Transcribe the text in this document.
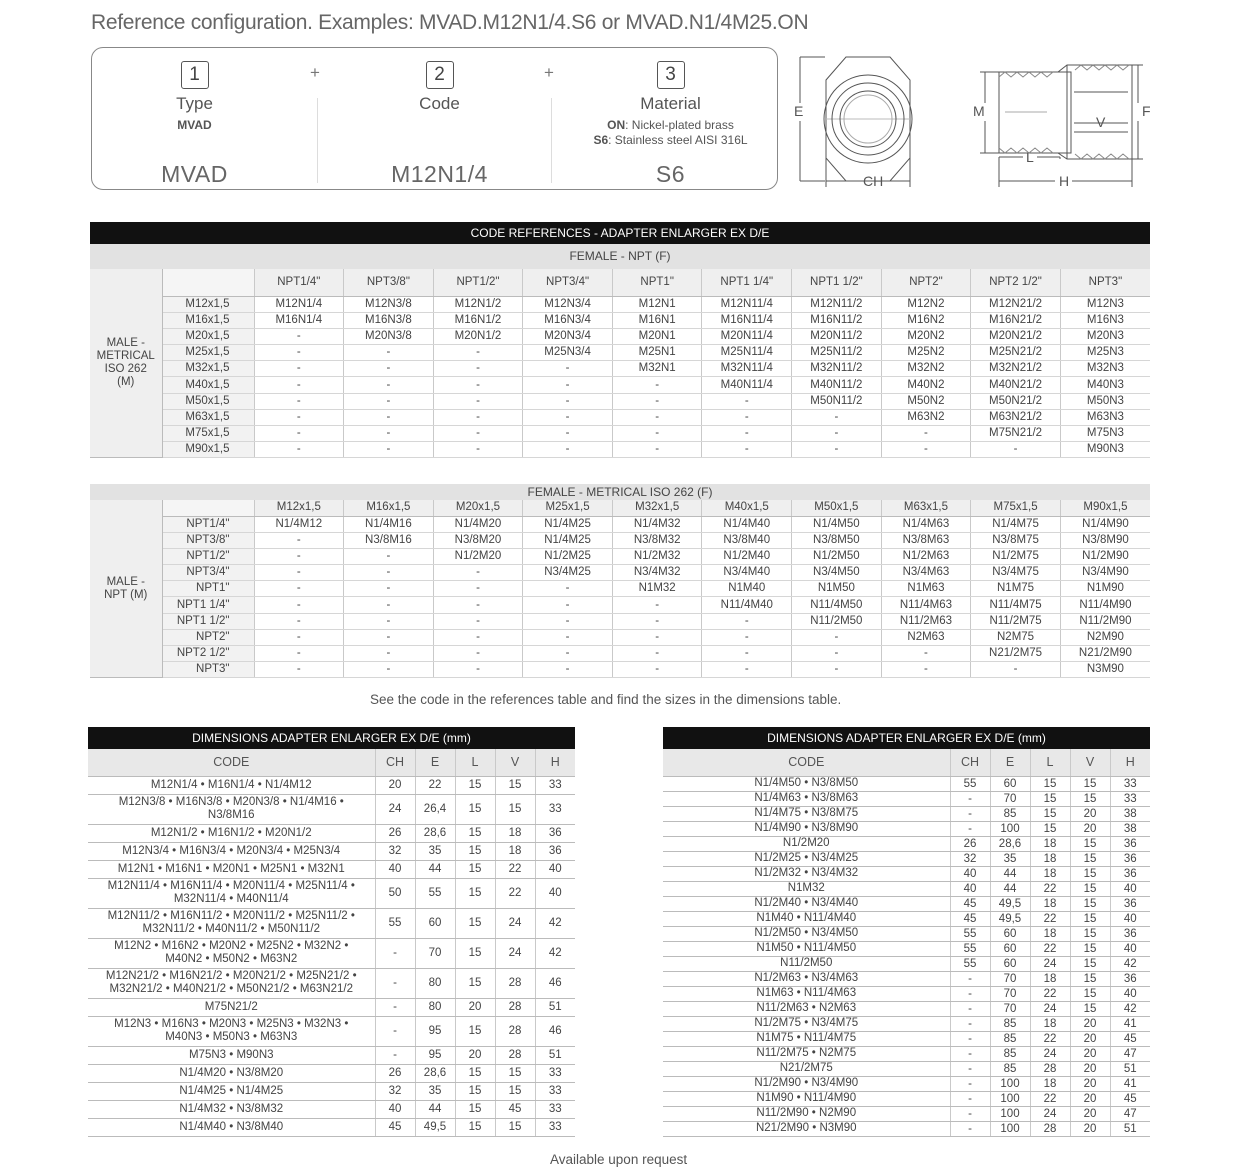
Reference configuration. Examples: MVAD.M12N1/4.S6 or MVAD.N1/4M25.ON
1
Type
MVAD
MVAD
+	2
Code
M12N1/4
+	3
Material
ON: Nickel-plated brass
S6: Stainless steel AISI 316L
S6
E
CH
M	F
V
L
H
CODE REFERENCES - ADAPTER ENLARGER EX D/E
FEMALE - NPT (F)
MALE - METRICAL ISO 262 (M)		NPT1/4"	NPT3/8"	NPT1/2"	NPT3/4"	NPT1"	NPT1 1/4"	NPT1 1/2"	NPT2"	NPT2 1/2"	NPT3"
	M12x1,5	M12N1/4	M12N3/8	M12N1/2	M12N3/4	M12N1	M12N11/4	M12N11/2	M12N2	M12N21/2	M12N3
	M16x1,5	M16N1/4	M16N3/8	M16N1/2	M16N3/4	M16N1	M16N11/4	M16N11/2	M16N2	M16N21/2	M16N3
	M20x1,5	-	M20N3/8	M20N1/2	M20N3/4	M20N1	M20N11/4	M20N11/2	M20N2	M20N21/2	M20N3
	M25x1,5	-	-	-	M25N3/4	M25N1	M25N11/4	M25N11/2	M25N2	M25N21/2	M25N3
	M32x1,5	-	-	-	-	M32N1	M32N11/4	M32N11/2	M32N2	M32N21/2	M32N3
	M40x1,5	-	-	-	-	-	M40N11/4	M40N11/2	M40N2	M40N21/2	M40N3
	M50x1,5	-	-	-	-	-	-	M50N11/2	M50N2	M50N21/2	M50N3
	M63x1,5	-	-	-	-	-	-	-	M63N2	M63N21/2	M63N3
	M75x1,5	-	-	-	-	-	-	-	-	M75N21/2	M75N3
	M90x1,5	-	-	-	-	-	-	-	-	-	M90N3
FEMALE - METRICAL ISO 262 (F)
MALE - NPT (M)		M12x1,5	M16x1,5	M20x1,5	M25x1,5	M32x1,5	M40x1,5	M50x1,5	M63x1,5	M75x1,5	M90x1,5
	NPT1/4"	N1/4M12	N1/4M16	N1/4M20	N1/4M25	N1/4M32	N1/4M40	N1/4M50	N1/4M63	N1/4M75	N1/4M90
	NPT3/8"	-	N3/8M16	N3/8M20	N1/4M25	N3/8M32	N3/8M40	N3/8M50	N3/8M63	N3/8M75	N3/8M90
	NPT1/2"	-	-	N1/2M20	N1/2M25	N1/2M32	N1/2M40	N1/2M50	N1/2M63	N1/2M75	N1/2M90
	NPT3/4"	-	-	-	N3/4M25	N3/4M32	N3/4M40	N3/4M50	N3/4M63	N3/4M75	N3/4M90
	NPT1"	-	-	-	-	N1M32	N1M40	N1M50	N1M63	N1M75	N1M90
	NPT1 1/4"	-	-	-	-	-	N11/4M40	N11/4M50	N11/4M63	N11/4M75	N11/4M90
	NPT1 1/2"	-	-	-	-	-	-	N11/2M50	N11/2M63	N11/2M75	N11/2M90
	NPT2"	-	-	-	-	-	-	-	N2M63	N2M75	N2M90
	NPT2 1/2"	-	-	-	-	-	-	-	-	N21/2M75	N21/2M90
	NPT3"	-	-	-	-	-	-	-	-	-	N3M90
See the code in the references table and find the sizes in the dimensions table.
DIMENSIONS ADAPTER ENLARGER EX D/E (mm)
CODE	CH	E	L	V	H
M12N1/4 • M16N1/4 • N1/4M12	20	22	15	15	33
M12N3/8 • M16N3/8 • M20N3/8 • N1/4M16 • N3/8M16	24	26,4	15	15	33
M12N1/2 • M16N1/2 • M20N1/2	26	28,6	15	18	36
M12N3/4 • M16N3/4 • M20N3/4 • M25N3/4	32	35	15	18	36
M12N1 • M16N1 • M20N1 • M25N1 • M32N1	40	44	15	22	40
M12N11/4 • M16N11/4 • M20N11/4 • M25N11/4 • M32N11/4 • M40N11/4	50	55	15	22	40
M12N11/2 • M16N11/2 • M20N11/2 • M25N11/2 • M32N11/2 • M40N11/2 • M50N11/2	55	60	15	24	42
M12N2 • M16N2 • M20N2 • M25N2 • M32N2 • M40N2 • M50N2 • M63N2	-	70	15	24	42
M12N21/2 • M16N21/2 • M20N21/2 • M25N21/2 • M32N21/2 • M40N21/2 • M50N21/2 • M63N21/2	-	80	15	28	46
M75N21/2	-	80	20	28	51
M12N3 • M16N3 • M20N3 • M25N3 • M32N3 • M40N3 • M50N3 • M63N3	-	95	15	28	46
M75N3 • M90N3	-	95	20	28	51
N1/4M20 • N3/8M20	26	28,6	15	15	33
N1/4M25 • N1/4M25	32	35	15	15	33
N1/4M32 • N3/8M32	40	44	15	45	33
N1/4M40 • N3/8M40	45	49,5	15	15	33
DIMENSIONS ADAPTER ENLARGER EX D/E (mm)
CODE	CH	E	L	V	H
N1/4M50 • N3/8M50	55	60	15	15	33
N1/4M63 • N3/8M63	-	70	15	15	33
N1/4M75 • N3/8M75	-	85	15	20	38
N1/4M90 • N3/8M90	-	100	15	20	38
N1/2M20	26	28,6	18	15	36
N1/2M25 • N3/4M25	32	35	18	15	36
N1/2M32 • N3/4M32	40	44	18	15	36
N1M32	40	44	22	15	40
N1/2M40 • N3/4M40	45	49,5	18	15	36
N1M40 • N11/4M40	45	49,5	22	15	40
N1/2M50 • N3/4M50	55	60	18	15	36
N1M50 • N11/4M50	55	60	22	15	40
N11/2M50	55	60	24	15	42
N1/2M63 • N3/4M63	-	70	18	15	36
N1M63 • N11/4M63	-	70	22	15	40
N11/2M63 • N2M63	-	70	24	15	42
N1/2M75 • N3/4M75	-	85	18	20	41
N1M75 • N11/4M75	-	85	22	20	45
N11/2M75 • N2M75	-	85	24	20	47
N21/2M75	-	85	28	20	51
N1/2M90 • N3/4M90	-	100	18	20	41
N1M90 • N11/4M90	-	100	22	20	45
N11/2M90 • N2M90	-	100	24	20	47
N21/2M90 • N3M90	-	100	28	20	51
Available upon request
